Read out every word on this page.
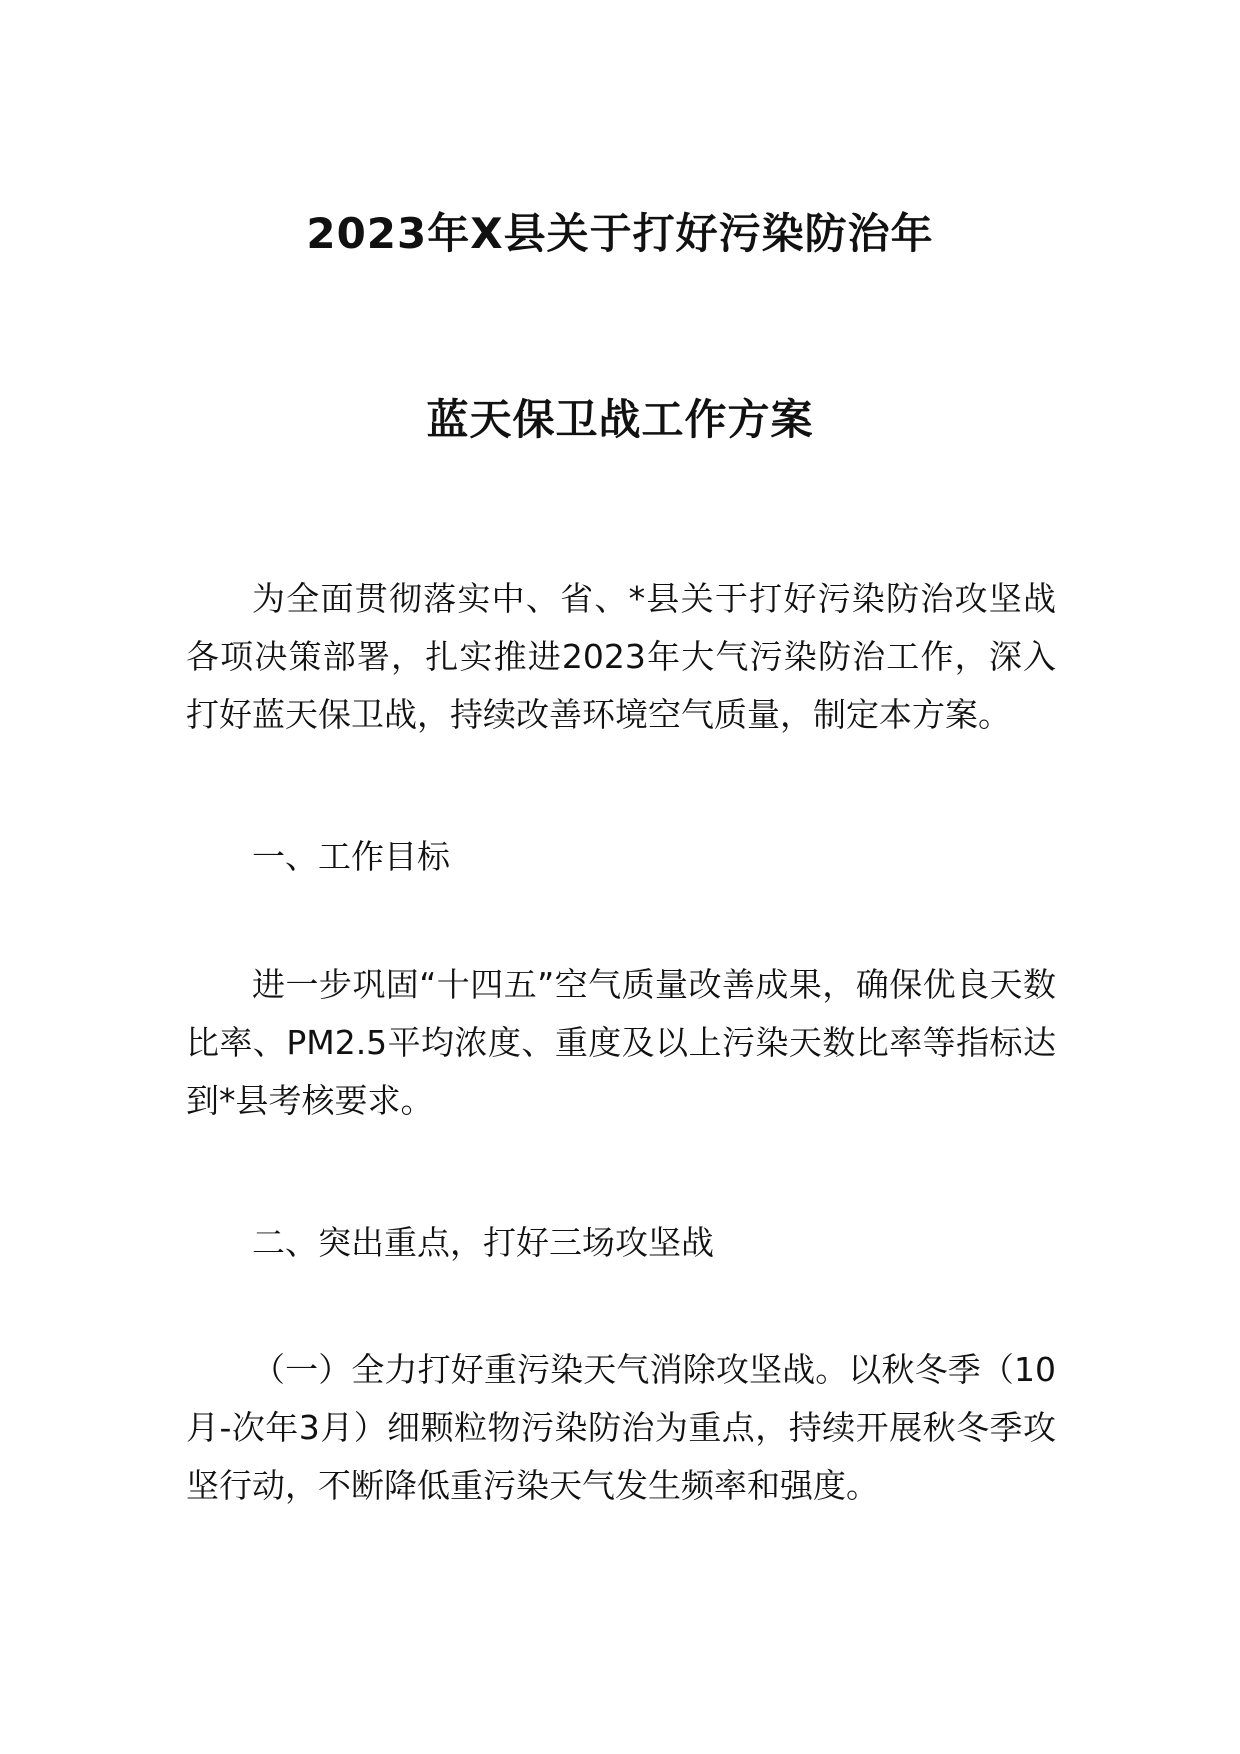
2023年X县关于打好污染防治年
蓝天保卫战工作方案

为全面贯彻落实中、省、*县关于打好污染防治攻坚战各项决策部署，扎实推进2023年大气污染防治工作，深入打好蓝天保卫战，持续改善环境空气质量，制定本方案。

一、工作目标

进一步巩固“十四五”空气质量改善成果，确保优良天数比率、PM2.5平均浓度、重度及以上污染天数比率等指标达到*县考核要求。

二、突出重点，打好三场攻坚战

（一）全力打好重污染天气消除攻坚战。以秋冬季（10月-次年3月）细颗粒物污染防治为重点，持续开展秋冬季攻坚行动，不断降低重污染天气发生频率和强度。
